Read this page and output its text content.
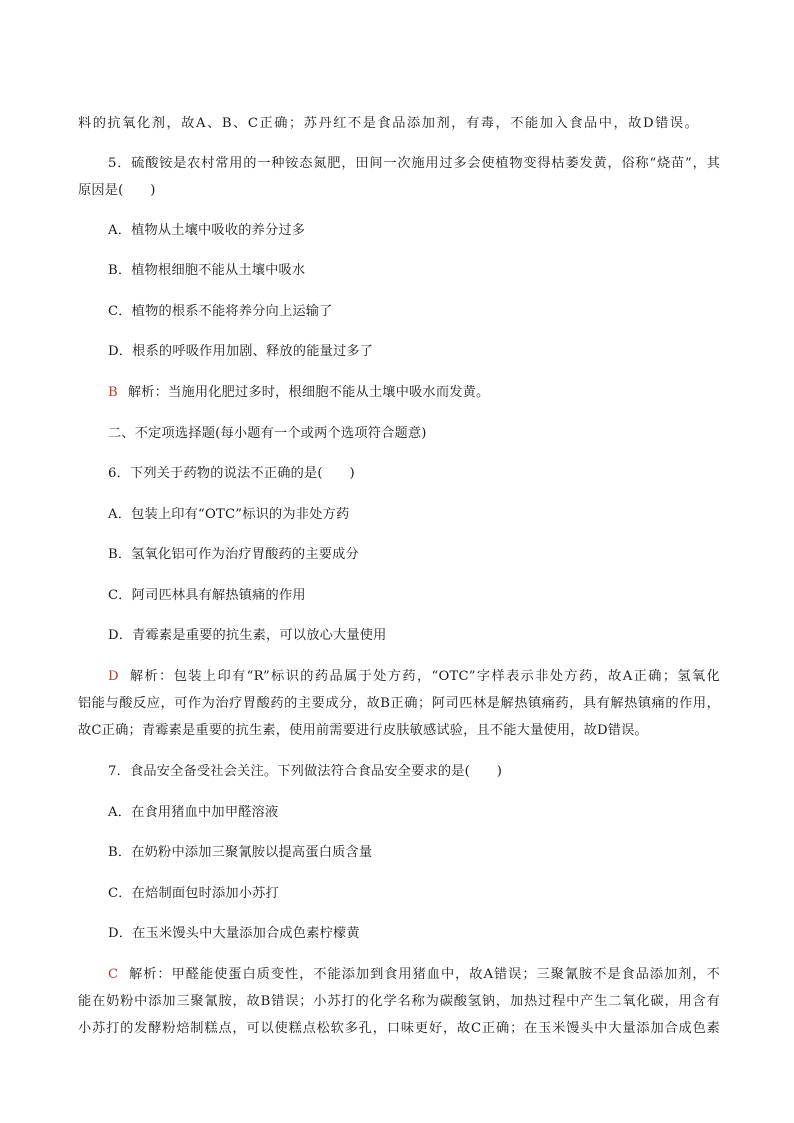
料的抗氧化剂，故A、B、C正确；苏丹红不是食品添加剂，有毒，不能加入食品中，故D错误。
5．硫酸铵是农村常用的一种铵态氮肥，田间一次施用过多会使植物变得枯萎发黄，俗称“烧苗”，其
原因是(　　)
A．植物从土壤中吸收的养分过多
B．植物根细胞不能从土壤中吸水
C．植物的根系不能将养分向上运输了
D．根系的呼吸作用加剧、释放的能量过多了
B 解析：当施用化肥过多时，根细胞不能从土壤中吸水而发黄。
二、不定项选择题(每小题有一个或两个选项符合题意)
6．下列关于药物的说法不正确的是(　　)
A．包装上印有“OTC”标识的为非处方药
B．氢氧化铝可作为治疗胃酸药的主要成分
C．阿司匹林具有解热镇痛的作用
D．青霉素是重要的抗生素，可以放心大量使用
D 解析：包装上印有“R”标识的药品属于处方药，“OTC”字样表示非处方药，故A正确；氢氧化
铝能与酸反应，可作为治疗胃酸药的主要成分，故B正确；阿司匹林是解热镇痛药，具有解热镇痛的作用，
故C正确；青霉素是重要的抗生素，使用前需要进行皮肤敏感试验，且不能大量使用，故D错误。
7．食品安全备受社会关注。下列做法符合食品安全要求的是(　　)
A．在食用猪血中加甲醛溶液
B．在奶粉中添加三聚氰胺以提高蛋白质含量
C．在焙制面包时添加小苏打
D．在玉米馒头中大量添加合成色素柠檬黄
C 解析：甲醛能使蛋白质变性，不能添加到食用猪血中，故A错误；三聚氰胺不是食品添加剂，不
能在奶粉中添加三聚氰胺，故B错误；小苏打的化学名称为碳酸氢钠，加热过程中产生二氧化碳，用含有
小苏打的发酵粉焙制糕点，可以使糕点松软多孔，口味更好，故C正确；在玉米馒头中大量添加合成色素
